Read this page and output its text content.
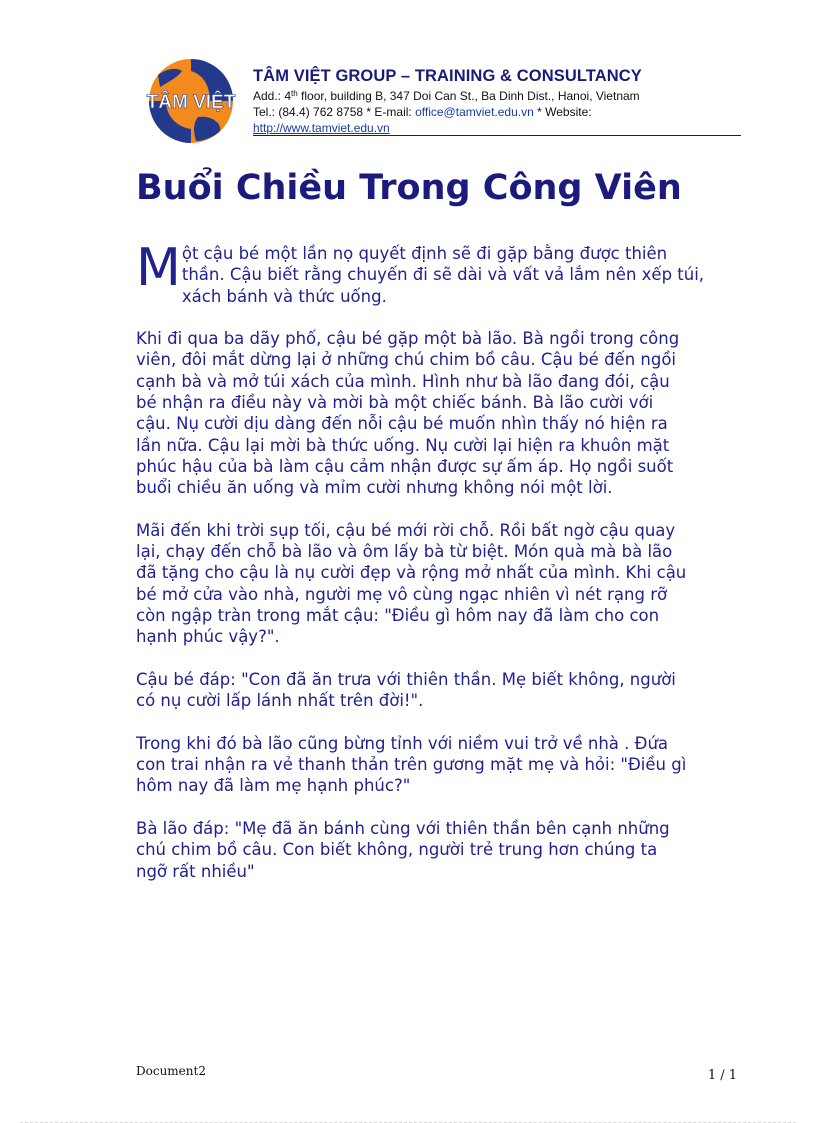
TÂM VIỆT
TÂM VIỆT GROUP – TRAINING & CONSULTANCY
Add.: 4th floor, building B, 347 Doi Can St., Ba Dinh Dist., Hanoi, Vietnam
Tel.: (84.4) 762 8758 * E-mail: office@tamviet.edu.vn * Website:
http://www.tamviet.edu.vn
Buổi Chiều Trong Công Viên

Một cậu bé một lần nọ quyết định sẽ đi gặp bằng được thiên
thần. Cậu biết rằng chuyến đi sẽ dài và vất vả lắm nên xếp túi,
xách bánh và thức uống.

Khi đi qua ba dãy phố, cậu bé gặp một bà lão. Bà ngồi trong công
viên, đôi mắt dừng lại ở những chú chim bồ câu. Cậu bé đến ngồi
cạnh bà và mở túi xách của mình. Hình như bà lão đang đói, cậu
bé nhận ra điều này và mời bà một chiếc bánh. Bà lão cười với
cậu. Nụ cười dịu dàng đến nỗi cậu bé muốn nhìn thấy nó hiện ra
lần nữa. Cậu lại mời bà thức uống. Nụ cười lại hiện ra khuôn mặt
phúc hậu của bà làm cậu cảm nhận được sự ấm áp. Họ ngồi suốt
buổi chiều ăn uống và mỉm cười nhưng không nói một lời.

Mãi đến khi trời sụp tối, cậu bé mới rời chỗ. Rồi bất ngờ cậu quay
lại, chạy đến chỗ bà lão và ôm lấy bà từ biệt. Món quà mà bà lão
đã tặng cho cậu là nụ cười đẹp và rộng mở nhất của mình. Khi cậu
bé mở cửa vào nhà, người mẹ vô cùng ngạc nhiên vì nét rạng rỡ
còn ngập tràn trong mắt cậu: "Điều gì hôm nay đã làm cho con
hạnh phúc vậy?".

Cậu bé đáp: "Con đã ăn trưa với thiên thần. Mẹ biết không, người
có nụ cười lấp lánh nhất trên đời!".

Trong khi đó bà lão cũng bừng tỉnh với niềm vui trở về nhà . Đứa
con trai nhận ra vẻ thanh thản trên gương mặt mẹ và hỏi: "Điều gì
hôm nay đã làm mẹ hạnh phúc?"

Bà lão đáp: "Mẹ đã ăn bánh cùng với thiên thần bên cạnh những
chú chim bồ câu. Con biết không, người trẻ trung hơn chúng ta
ngỡ rất nhiều"

Document2	1 / 1
